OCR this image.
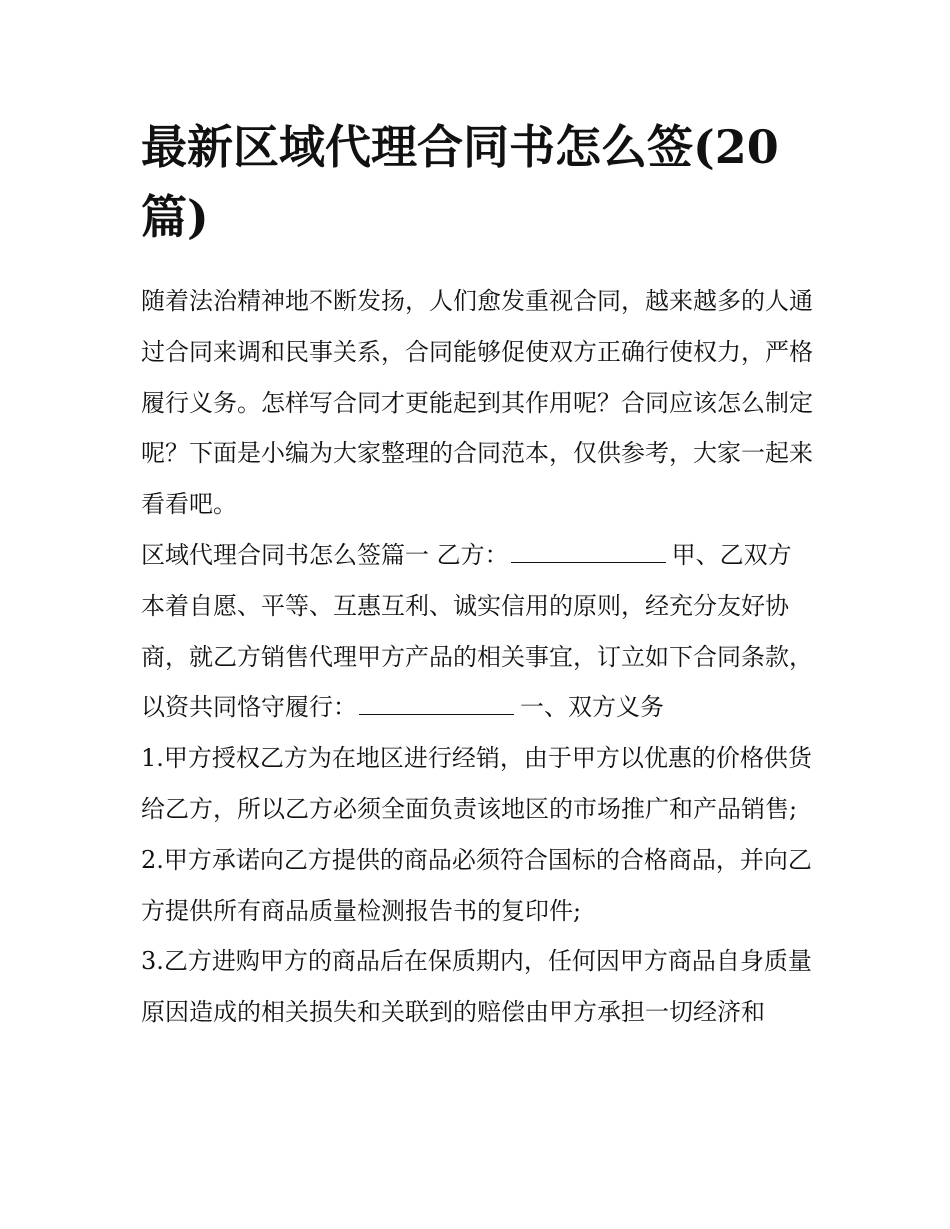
最新区域代理合同书怎么签(20篇)

随着法治精神地不断发扬，人们愈发重视合同，越来越多的人通过合同来调和民事关系，合同能够促使双方正确行使权力，严格履行义务。怎样写合同才更能起到其作用呢？合同应该怎么制定呢？下面是小编为大家整理的合同范本，仅供参考，大家一起来看看吧。

区域代理合同书怎么签篇一 乙方：	甲、乙双方本着自愿、平等、互惠互利、诚实信用的原则，经充分友好协商，就乙方销售代理甲方产品的相关事宜，订立如下合同条款，以资共同恪守履行：	一、双方义务

1.甲方授权乙方为在地区进行经销，由于甲方以优惠的价格供货给乙方，所以乙方必须全面负责该地区的市场推广和产品销售;

2.甲方承诺向乙方提供的商品必须符合国标的合格商品，并向乙方提供所有商品质量检测报告书的复印件;

3.乙方进购甲方的商品后在保质期内，任何因甲方商品自身质量原因造成的相关损失和关联到的赔偿由甲方承担一切经济和
